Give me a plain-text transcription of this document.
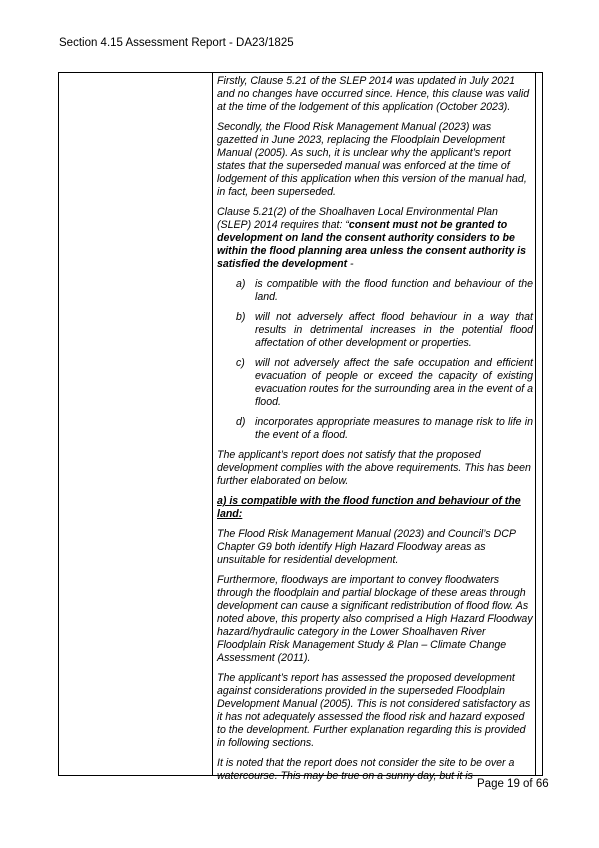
Section 4.15 Assessment Report - DA23/1825

Firstly, Clause 5.21 of the SLEP 2014 was updated in July 2021 and no changes have occurred since. Hence, this clause was valid at the time of the lodgement of this application (October 2023).

Secondly, the Flood Risk Management Manual (2023) was gazetted in June 2023, replacing the Floodplain Development Manual (2005). As such, it is unclear why the applicant’s report states that the superseded manual was enforced at the time of lodgement of this application when this version of the manual had, in fact, been superseded.

Clause 5.21(2) of the Shoalhaven Local Environmental Plan (SLEP) 2014 requires that: “consent must not be granted to development on land the consent authority considers to be within the flood planning area unless the consent authority is satisfied the development -

a) is compatible with the flood function and behaviour of the land.
b) will not adversely affect flood behaviour in a way that results in detrimental increases in the potential flood affectation of other development or properties.
c) will not adversely affect the safe occupation and efficient evacuation of people or exceed the capacity of existing evacuation routes for the surrounding area in the event of a flood.
d) incorporates appropriate measures to manage risk to life in the event of a flood.

The applicant’s report does not satisfy that the proposed development complies with the above requirements. This has been further elaborated on below.

a) is compatible with the flood function and behaviour of the land:

The Flood Risk Management Manual (2023) and Council’s DCP Chapter G9 both identify High Hazard Floodway areas as unsuitable for residential development.

Furthermore, floodways are important to convey floodwaters through the floodplain and partial blockage of these areas through development can cause a significant redistribution of flood flow. As noted above, this property also comprised a High Hazard Floodway hazard/hydraulic category in the Lower Shoalhaven River Floodplain Risk Management Study & Plan – Climate Change Assessment (2011).

The applicant’s report has assessed the proposed development against considerations provided in the superseded Floodplain Development Manual (2005). This is not considered satisfactory as it has not adequately assessed the flood risk and hazard exposed to the development. Further explanation regarding this is provided in following sections.

It is noted that the report does not consider the site to be over a watercourse. This may be true on a sunny day, but it is

Page 19 of 66
